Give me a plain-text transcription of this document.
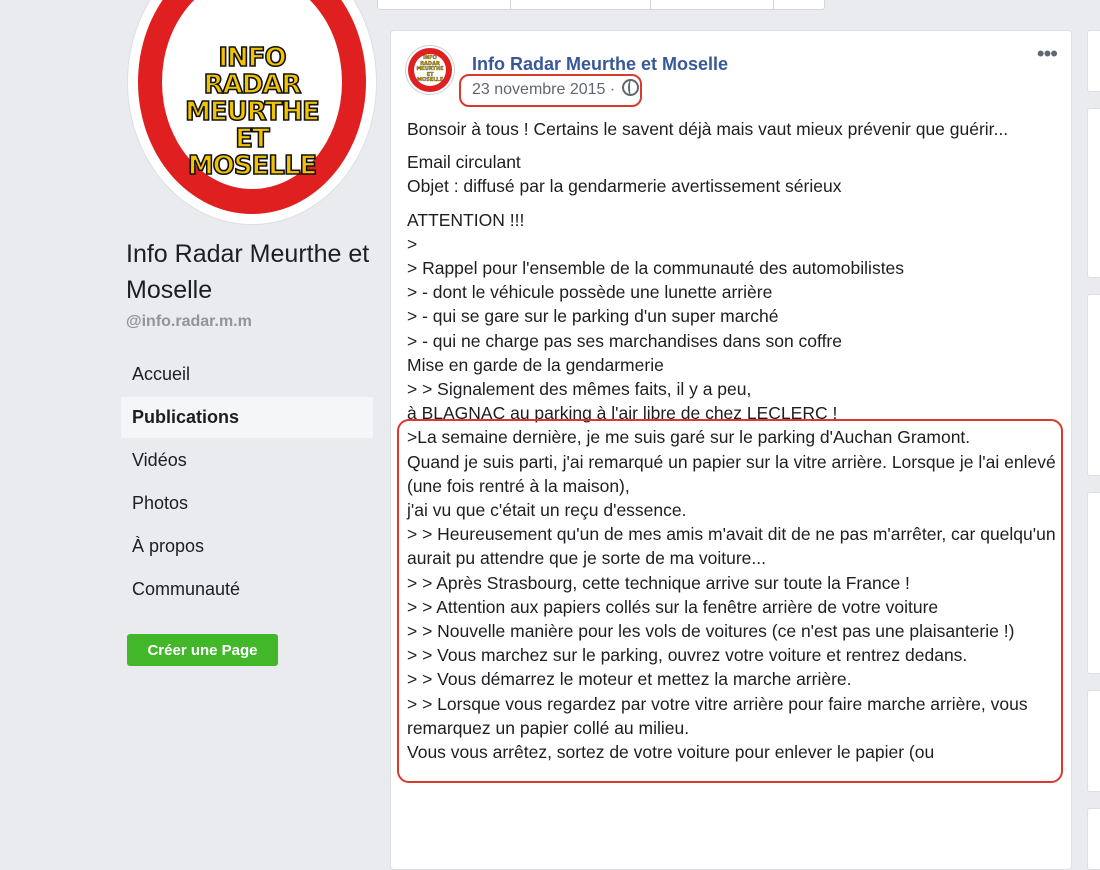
INFO
RADAR
MEURTHE
ET
MOSELLE
Info Radar Meurthe et Moselle
@info.radar.m.m
Accueil
Publications
Vidéos
Photos
À propos
Communauté
Créer une Page
INFO
RADAR
MEURTHE
ET
MOSELLE
Info Radar Meurthe et Moselle
23 novembre 2015 ·
•••
Bonsoir à tous ! Certains le savent déjà mais vaut mieux prévenir que guérir...
Email circulant
Objet : diffusé par la gendarmerie avertissement sérieux
ATTENTION !!!
>
> Rappel pour l'ensemble de la communauté des automobilistes
> - dont le véhicule possède une lunette arrière
> - qui se gare sur le parking d'un super marché
> - qui ne charge pas ses marchandises dans son coffre
Mise en garde de la gendarmerie
> > Signalement des mêmes faits, il y a peu,
à BLAGNAC au parking à l'air libre de chez LECLERC !
>La semaine dernière, je me suis garé sur le parking d'Auchan Gramont.
Quand je suis parti, j'ai remarqué un papier sur la vitre arrière. Lorsque je l'ai enlevé (une fois rentré à la maison),
j'ai vu que c'était un reçu d'essence.
> > Heureusement qu'un de mes amis m'avait dit de ne pas m'arrêter, car quelqu'un aurait pu attendre que je sorte de ma voiture...
> > Après Strasbourg, cette technique arrive sur toute la France !
> > Attention aux papiers collés sur la fenêtre arrière de votre voiture
> > Nouvelle manière pour les vols de voitures (ce n'est pas une plaisanterie !)
> > Vous marchez sur le parking, ouvrez votre voiture et rentrez dedans.
> > Vous démarrez le moteur et mettez la marche arrière.
> > Lorsque vous regardez par votre vitre arrière pour faire marche arrière, vous remarquez un papier collé au milieu.
Vous vous arrêtez, sortez de votre voiture pour enlever le papier (ou
